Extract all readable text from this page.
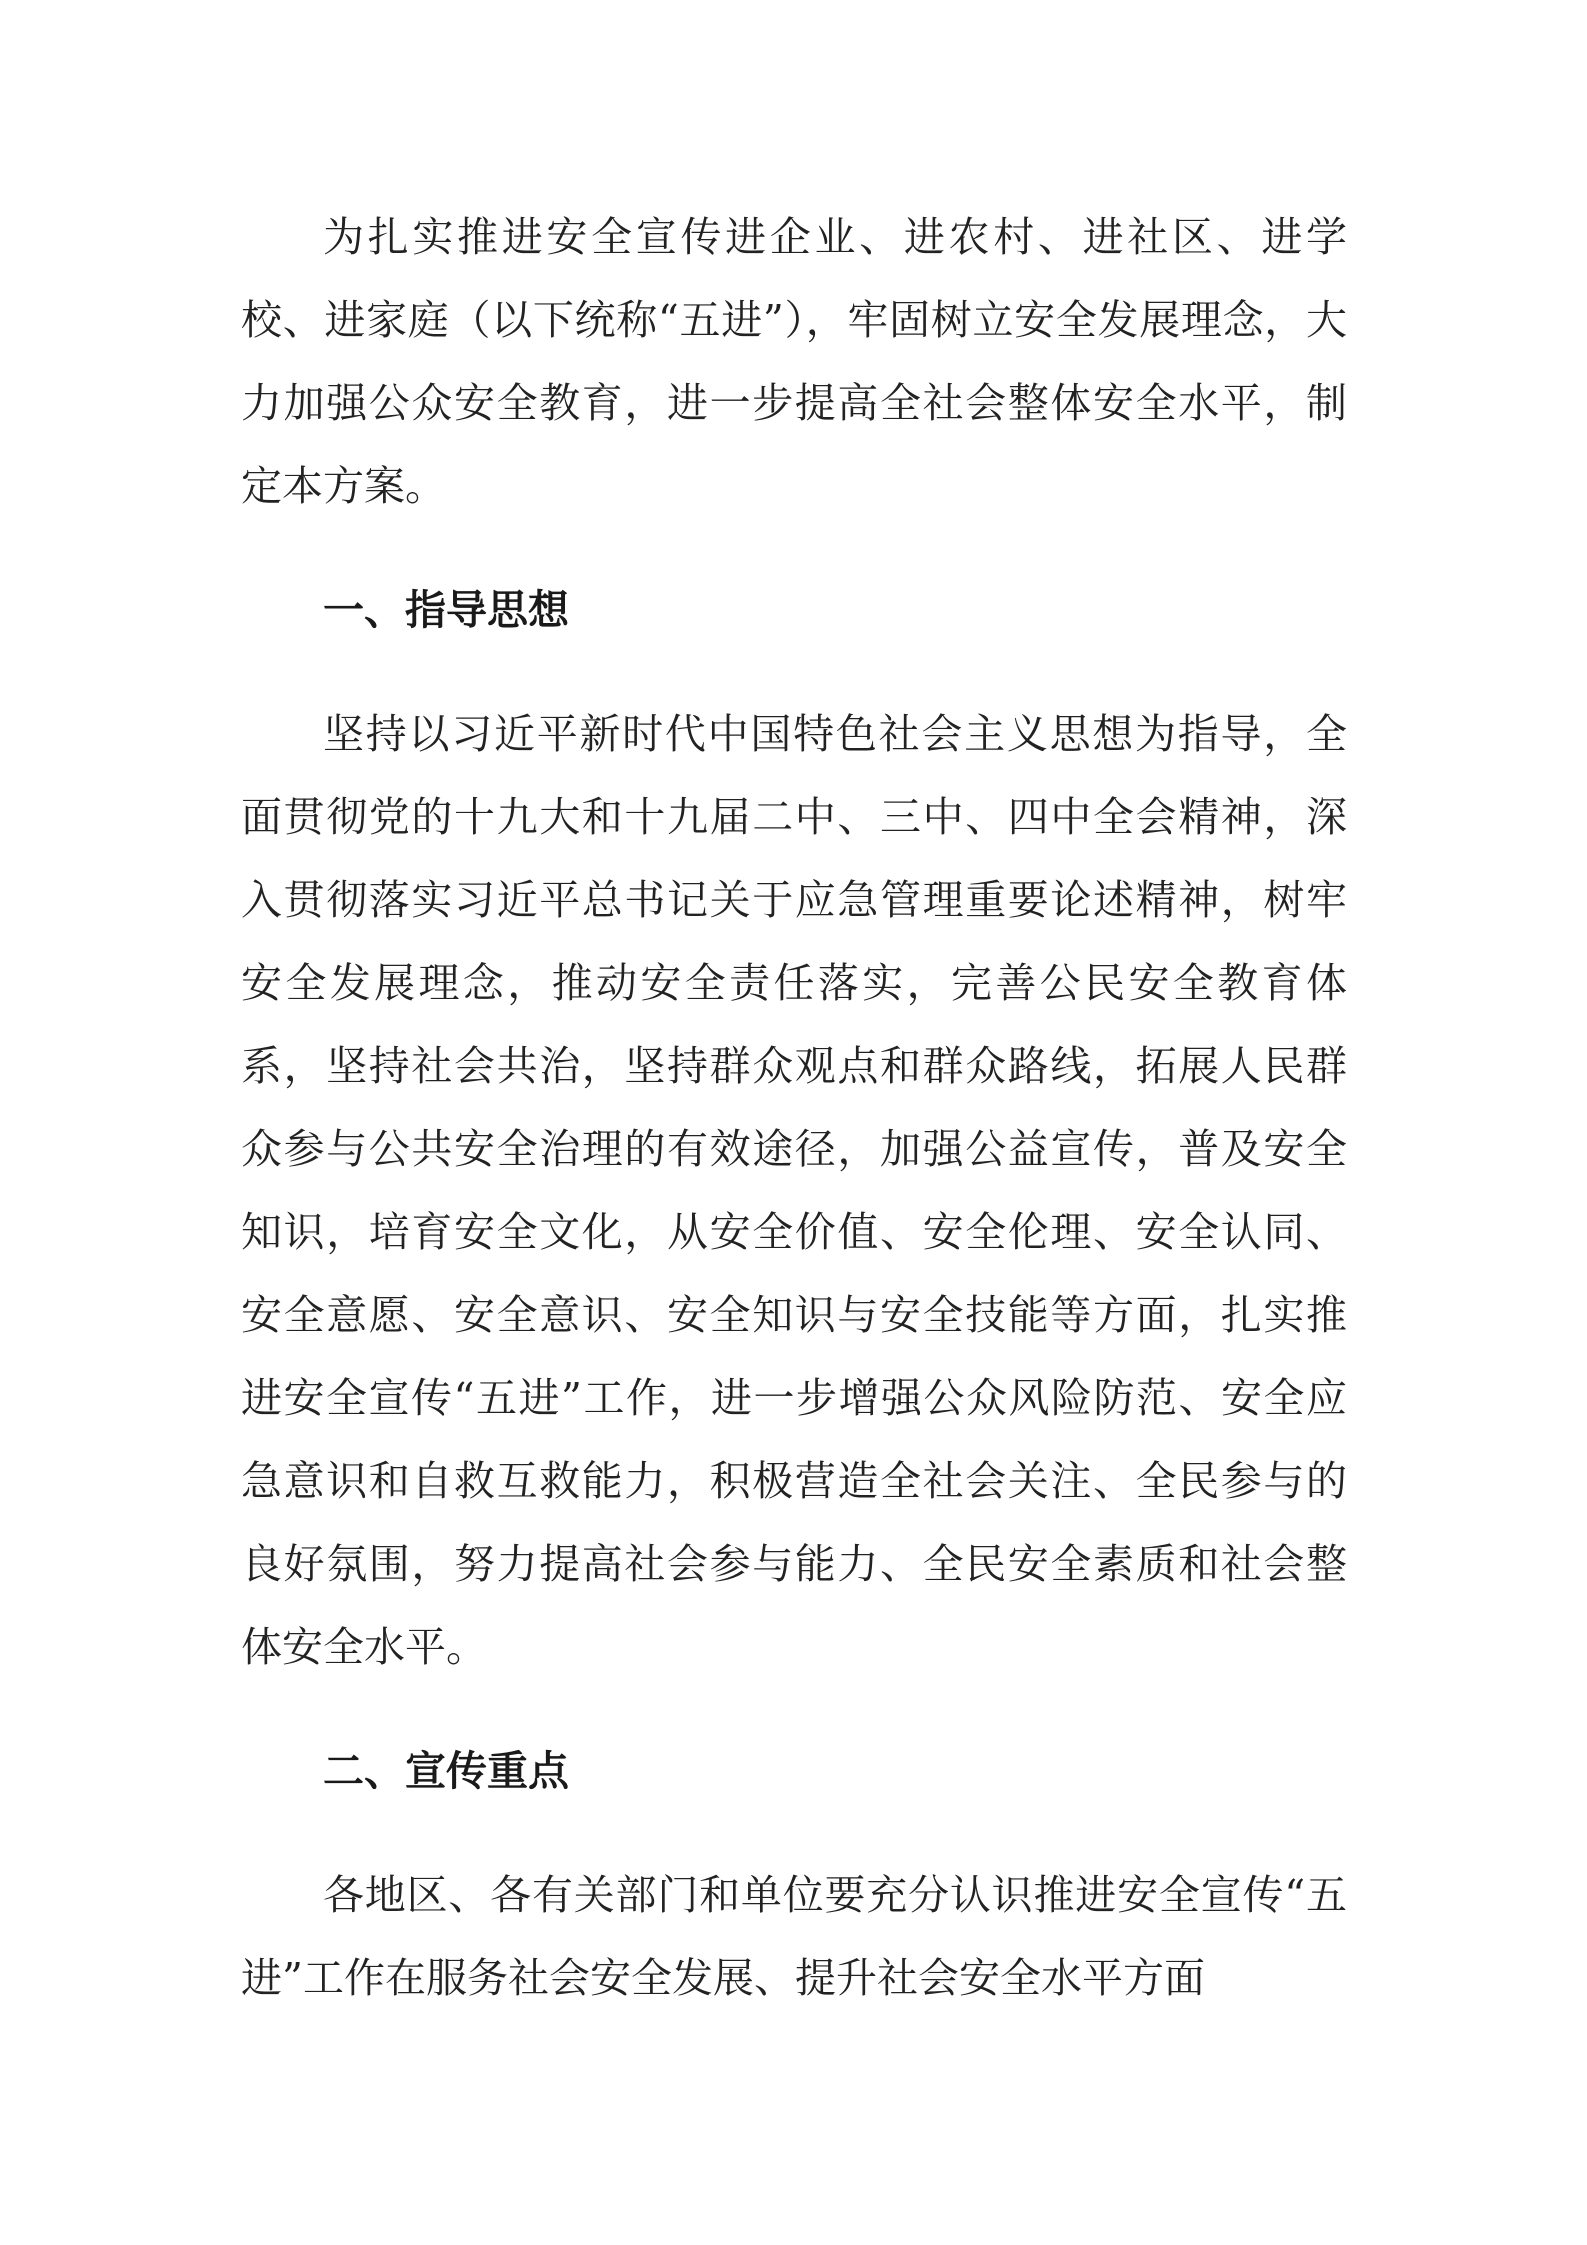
为扎实推进安全宣传进企业、进农村、进社区、进学校、进家庭（以下统称“五进”），牢固树立安全发展理念，大力加强公众安全教育，进一步提高全社会整体安全水平，制定本方案。

一、指导思想

坚持以习近平新时代中国特色社会主义思想为指导，全面贯彻党的十九大和十九届二中、三中、四中全会精神，深入贯彻落实习近平总书记关于应急管理重要论述精神，树牢安全发展理念，推动安全责任落实，完善公民安全教育体系，坚持社会共治，坚持群众观点和群众路线，拓展人民群众参与公共安全治理的有效途径，加强公益宣传，普及安全知识，培育安全文化，从安全价值、安全伦理、安全认同、安全意愿、安全意识、安全知识与安全技能等方面，扎实推进安全宣传“五进”工作，进一步增强公众风险防范、安全应急意识和自救互救能力，积极营造全社会关注、全民参与的良好氛围，努力提高社会参与能力、全民安全素质和社会整体安全水平。

二、宣传重点

各地区、各有关部门和单位要充分认识推进安全宣传“五进”工作在服务社会安全发展、提升社会安全水平方面
